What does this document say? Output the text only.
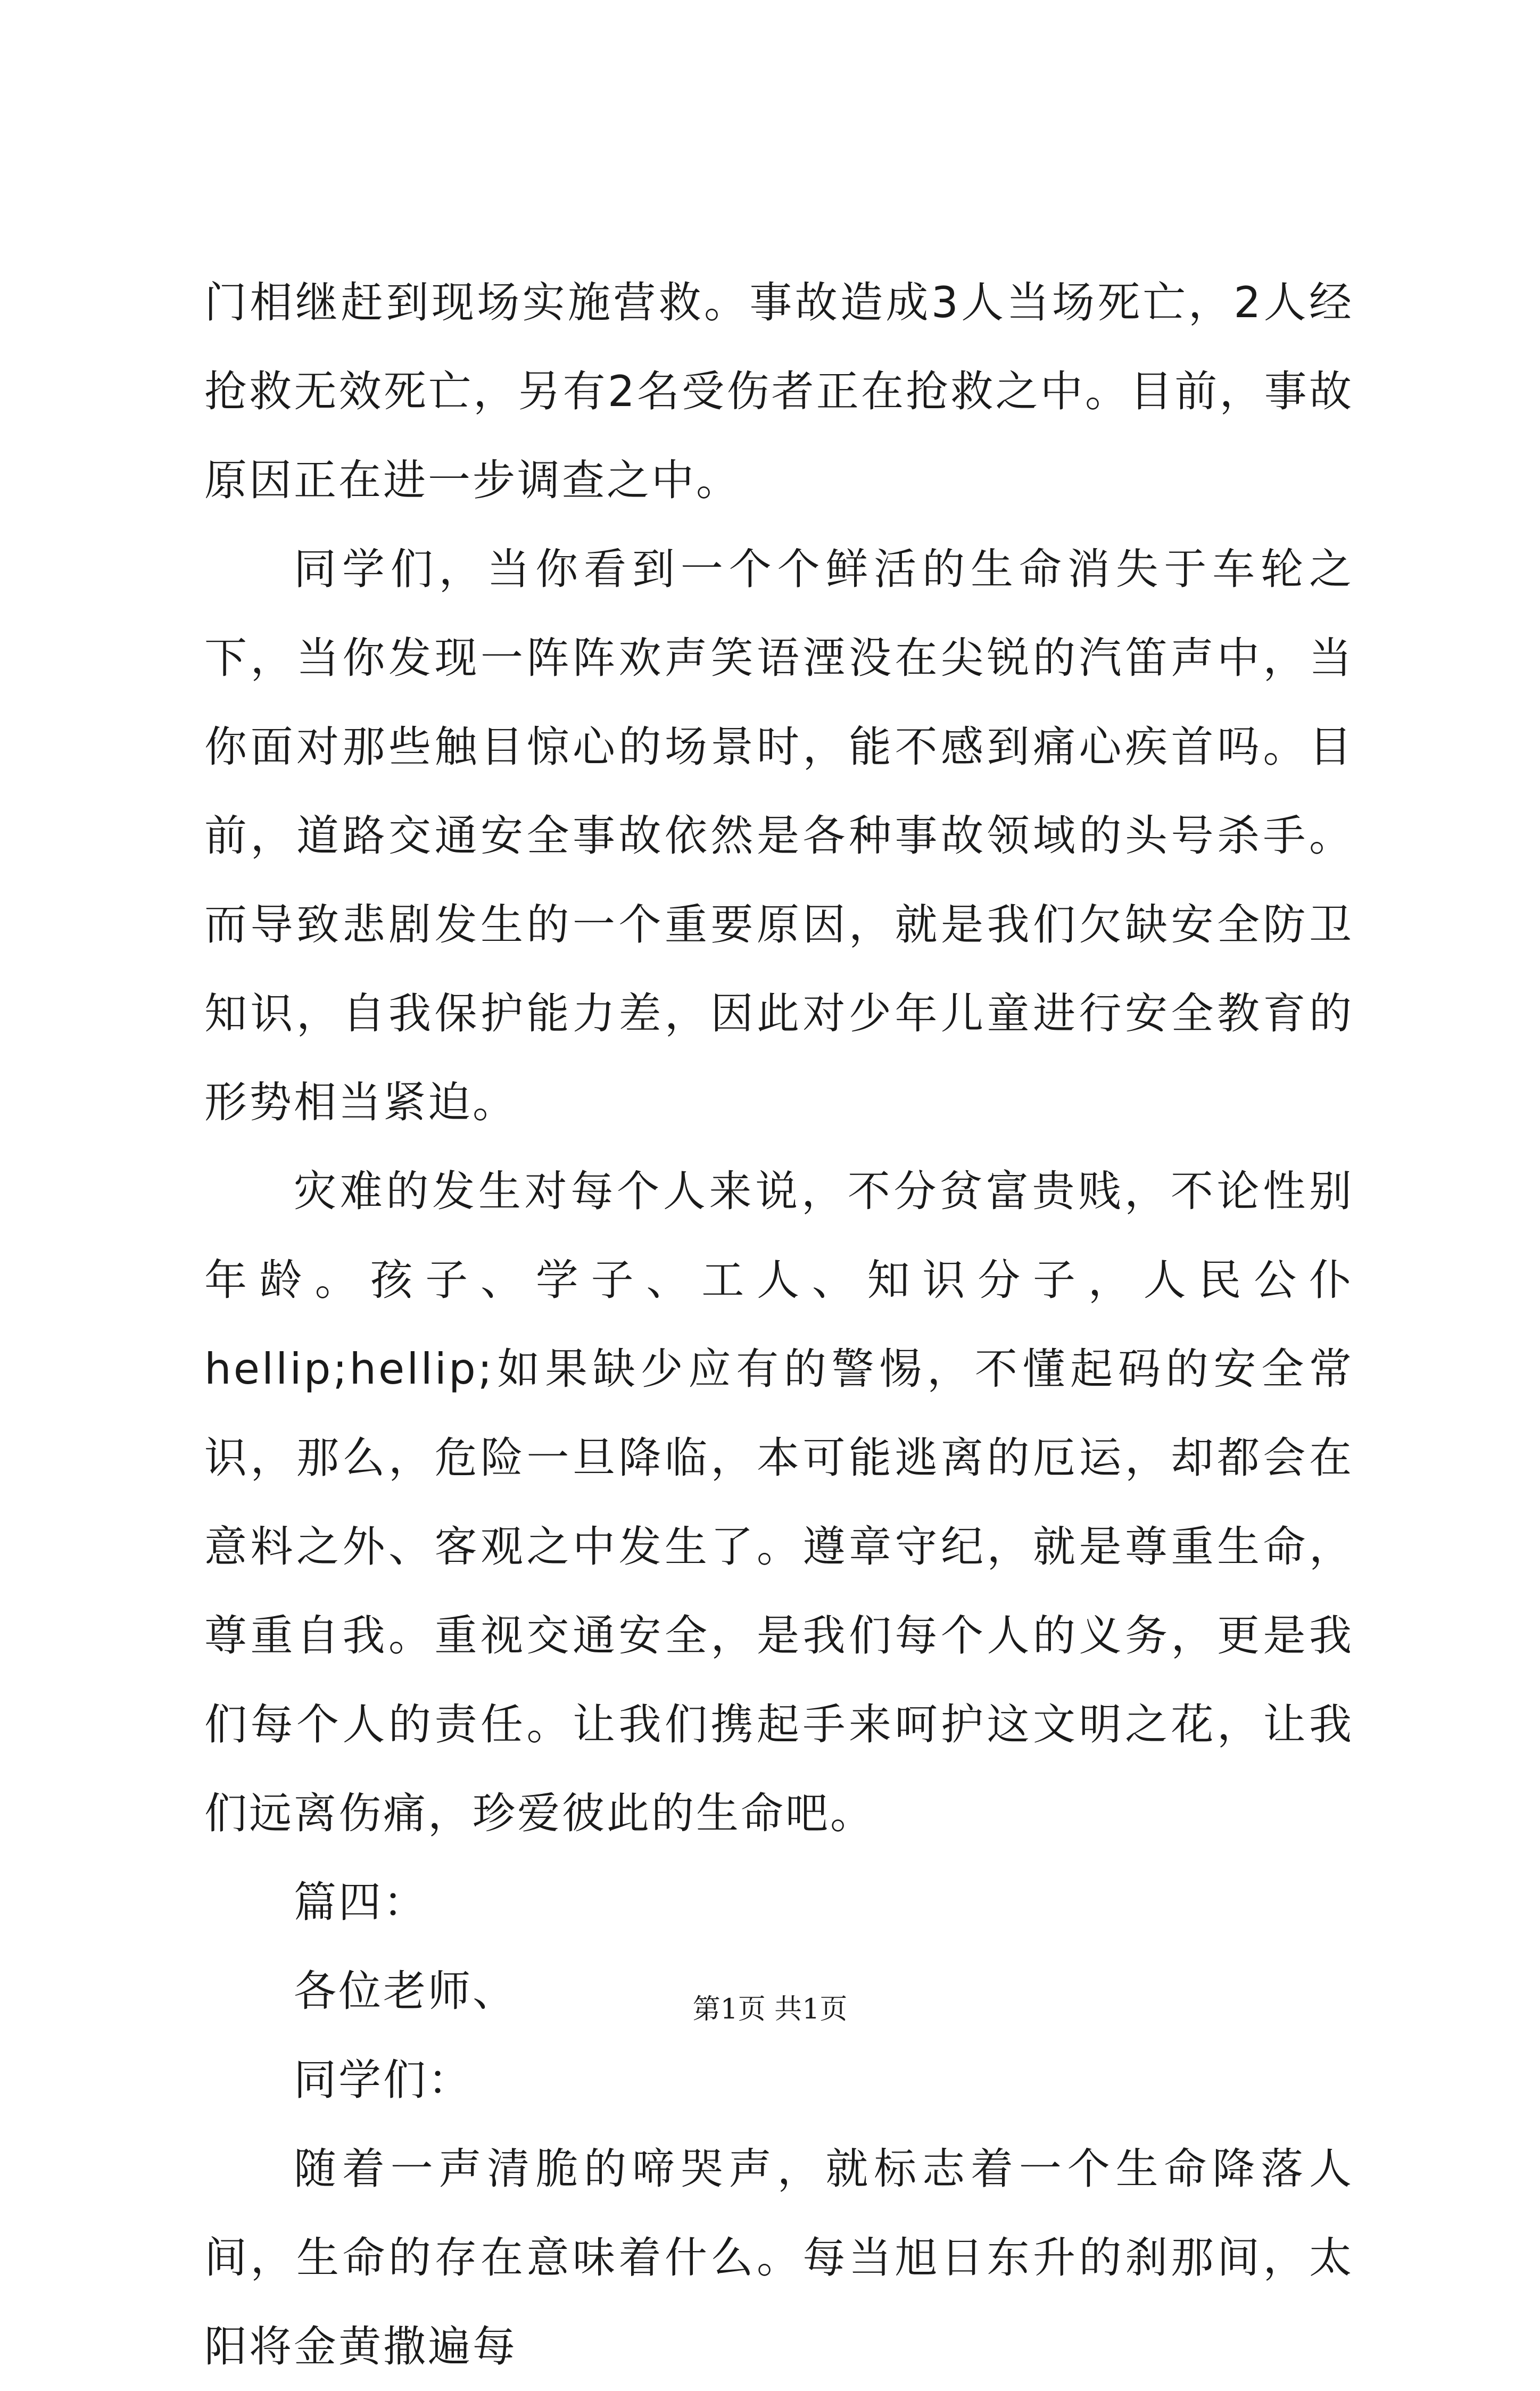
门相继赶到现场实施营救。事故造成3人当场死亡，2人经抢救无效死亡，另有2名受伤者正在抢救之中。目前，事故原因正在进一步调查之中。

同学们，当你看到一个个鲜活的生命消失于车轮之下，当你发现一阵阵欢声笑语湮没在尖锐的汽笛声中，当你面对那些触目惊心的场景时，能不感到痛心疾首吗。目前，道路交通安全事故依然是各种事故领域的头号杀手。而导致悲剧发生的一个重要原因，就是我们欠缺安全防卫知识，自我保护能力差，因此对少年儿童进行安全教育的形势相当紧迫。

灾难的发生对每个人来说，不分贫富贵贱，不论性别年龄。孩子、学子、工人、知识分子，人民公仆hellip;hellip;如果缺少应有的警惕，不懂起码的安全常识，那么，危险一旦降临，本可能逃离的厄运，却都会在意料之外、客观之中发生了。遵章守纪，就是尊重生命，尊重自我。重视交通安全，是我们每个人的义务，更是我们每个人的责任。让我们携起手来呵护这文明之花，让我们远离伤痛，珍爱彼此的生命吧。

篇四：

各位老师、

同学们：

随着一声清脆的啼哭声，就标志着一个生命降落人间，生命的存在意味着什么。每当旭日东升的刹那间，太阳将金黄撒遍每

第1页 共1页
